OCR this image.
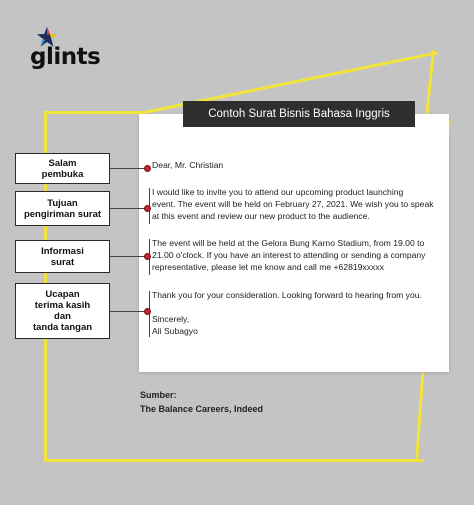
glints
Contoh Surat Bisnis Bahasa Inggris
Dear, Mr. Christian
I would like to invite you to attend our upcoming product launching
event. The event will be held on February 27, 2021. We wish you to speak
at this event and review our new product to the audience.
The event will be held at the Gelora Bung Karno Stadium, from 19.00 to
21.00 o'clock. If you have an interest to attending or sending a company
representative, please let me know and call me +62819xxxxx
Thank you for your consideration. Looking forward to hearing from you.
Sincerely,
Ali Subagyo
Salam
pembuka
Tujuan
pengiriman surat
Informasi
surat
Ucapan
terima kasih
dan
tanda tangan
Sumber:
The Balance Careers, Indeed
